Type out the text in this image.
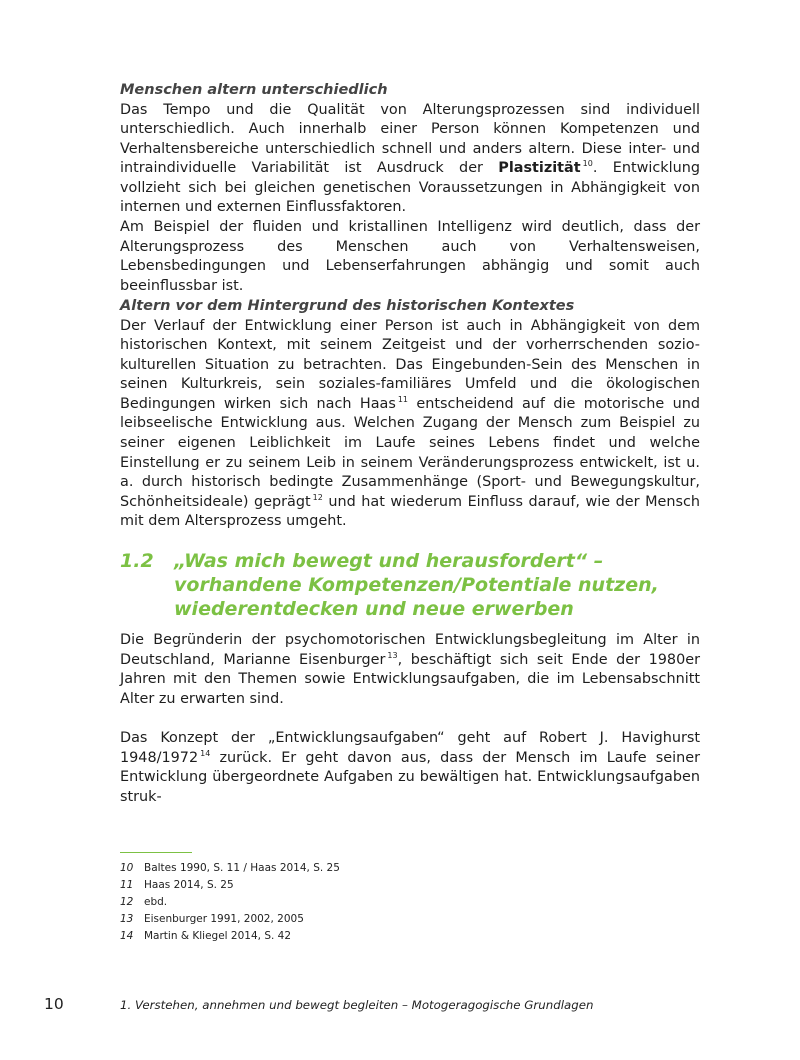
Menschen altern unterschiedlich

Das Tempo und die Qualität von Alterungsprozessen sind individuell unterschiedlich. Auch innerhalb einer Person können Kompetenzen und Verhaltensbereiche unterschiedlich schnell und anders altern. Diese inter- und intraindividuelle Variabilität ist Ausdruck der Plastizität $^{10}$. Entwicklung vollzieht sich bei gleichen genetischen Voraussetzungen in Abhängigkeit von internen und externen Einflussfaktoren.

Am Beispiel der fluiden und kristallinen Intelligenz wird deutlich, dass der Alterungsprozess des Menschen auch von Verhaltensweisen, Lebensbedingungen und Lebenserfahrungen abhängig und somit auch beeinflussbar ist.

Altern vor dem Hintergrund des historischen Kontextes

Der Verlauf der Entwicklung einer Person ist auch in Abhängigkeit von dem historischen Kontext, mit seinem Zeitgeist und der vorherrschenden sozio-kulturellen Situation zu betrachten. Das Eingebunden-Sein des Menschen in seinen Kulturkreis, sein soziales-familiäres Umfeld und die ökologischen Bedingungen wirken sich nach Haas $^{11}$ entscheidend auf die motorische und leibseelische Entwicklung aus. Welchen Zugang der Mensch zum Beispiel zu seiner eigenen Leiblichkeit im Laufe seines Lebens findet und welche Einstellung er zu seinem Leib in seinem Veränderungsprozess entwickelt, ist u. a. durch historisch bedingte Zusammenhänge (Sport- und Bewegungskultur, Schönheitsideale) geprägt $^{12}$ und hat wiederum Einfluss darauf, wie der Mensch mit dem Altersprozess umgeht.

1.2	„Was mich bewegt und herausfordert“ – vorhandene Kompetenzen/Potentiale nutzen, wiederentdecken und neue erwerben

Die Begründerin der psychomotorischen Entwicklungsbegleitung im Alter in Deutschland, Marianne Eisenburger $^{13}$, beschäftigt sich seit Ende der 1980er Jahren mit den Themen sowie Entwicklungsaufgaben, die im Lebensabschnitt Alter zu erwarten sind.

Das Konzept der „Entwicklungsaufgaben“ geht auf Robert J. Havighurst 1948/1972 $^{14}$ zurück. Er geht davon aus, dass der Mensch im Laufe seiner Entwicklung übergeordnete Aufgaben zu bewältigen hat. Entwicklungsaufgaben struk-

10	Baltes 1990, S. 11 / Haas 2014, S. 25
11	Haas 2014, S. 25
12	ebd.
13	Eisenburger 1991, 2002, 2005
14	Martin & Kliegel 2014, S. 42
10	1. Verstehen, annehmen und bewegt begleiten – Motogeragogische Grundlagen
